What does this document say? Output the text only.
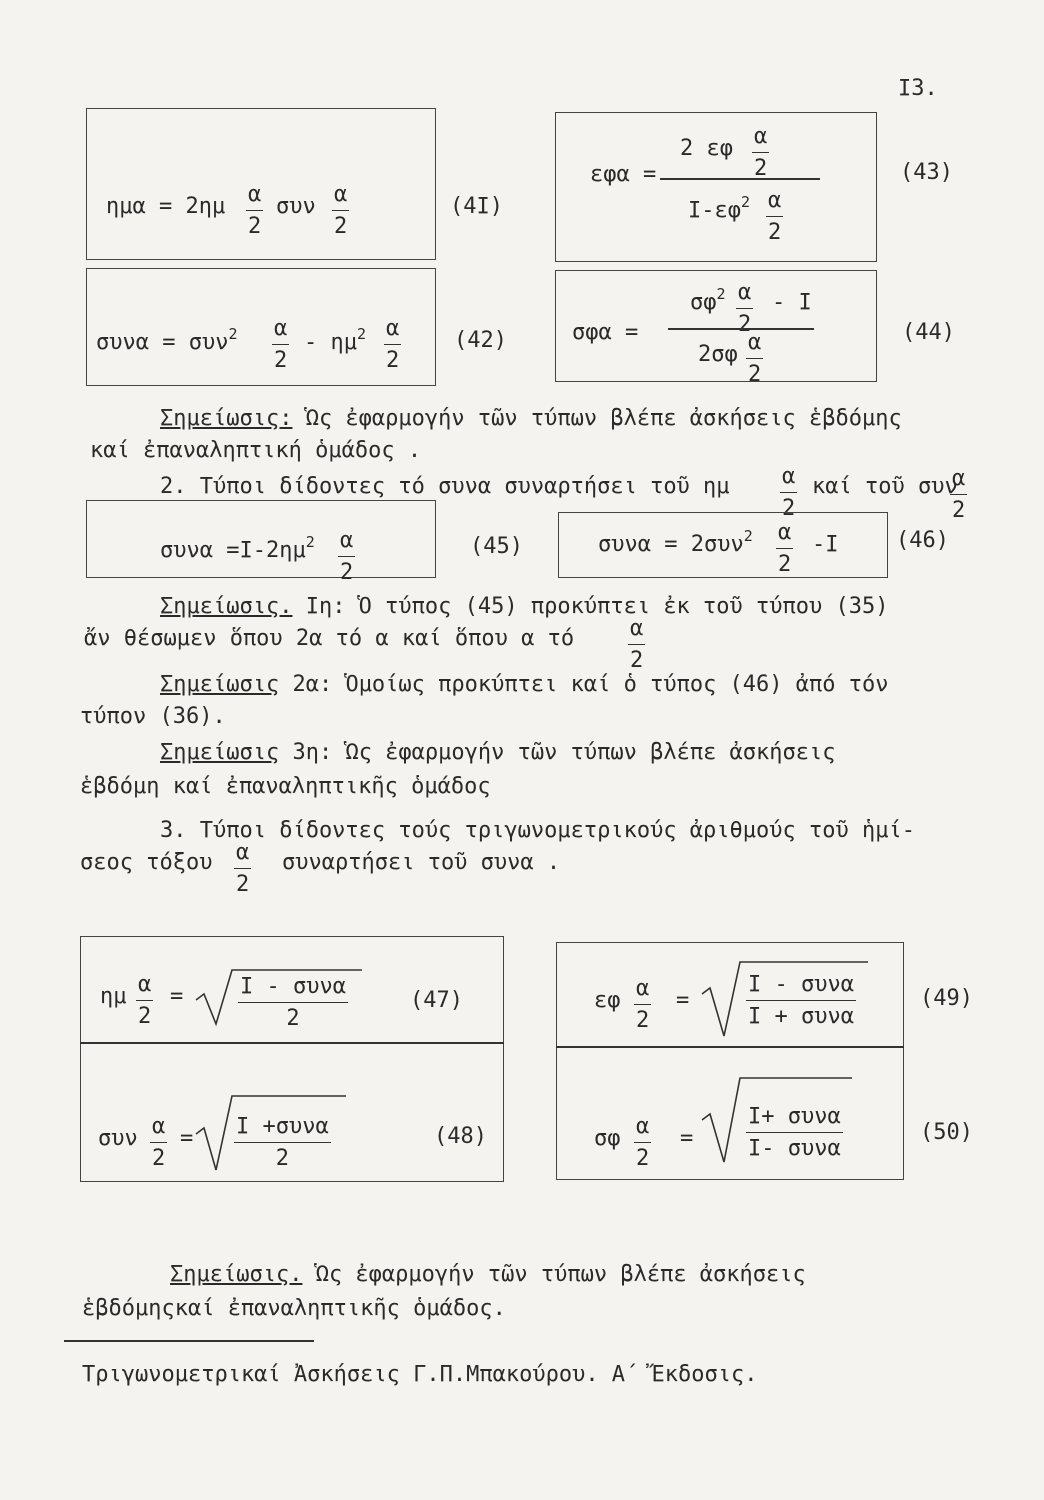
Ι3.
ημα = 2ημ α
2
συν α
2
(4Ι)
συνα = συν$^2$ α
2
- $\eta\mu^2$ α
2
(42)
εφα =
2 εφ α
2
$I-\varepsilon\varphi^2$ α
2
(43)
σφα =
$\sigma\varphi^2$ α
2
- Ι
2σφ α
2
(44)
Σημείωσις: Ὡς ἐφαρμογήν τῶν τύπων βλέπε ἀσκήσεις ἑβδόμης
καί ἐπαναληπτική ὁμάδος .
2. Τύποι δίδοντες τό συνα συναρτήσει τοῦ ημ α
2
καί τοῦ συν
α
2
$\sigma\upsilon\nu\alpha =I-2\eta\mu^2$ α
2
(45)	συνα = 2συν$^2$ α
2
-Ι	(46)
Σημείωσις. Ιη: Ὁ τύπος (45) προκύπτει ἐκ τοῦ τύπου (35)
ἄν θέσωμεν ὅπου 2α τό α καί ὅπου α τό	α
2
Σημείωσις 2α: Ὁμοίως προκύπτει καί ὁ τύπος (46) ἀπό τόν
τύπον (36).
Σημείωσις 3η: Ὡς ἐφαρμογήν τῶν τύπων βλέπε ἀσκήσεις
ἑβδόμη καί ἐπαναληπτικῆς ὁμάδος
3. Τύποι δίδοντες τούς τριγωνομετρικούς ἀριθμούς τοῦ ἡμί-
σεος τόξου α
2
συναρτήσει τοῦ συνα .
ημ α
2
=	Ι - συνα
2
(47)
συν α
2
= Ι +συνα
2
(48)
εφ α
2
=
Ι - συνα
Ι + συνα
(49)
σφ α
2
=
Ι+ συνα
Ι- συνα
(50)
Σημείωσις. Ὡς ἐφαρμογήν τῶν τύπων βλέπε ἀσκήσεις
ἑβδόμηςκαί ἐπαναληπτικῆς ὁμάδος.
Τριγωνομετρικαί Ἀσκήσεις Γ.Π.Μπακούρου. Α΄ Ἔκδοσις.
